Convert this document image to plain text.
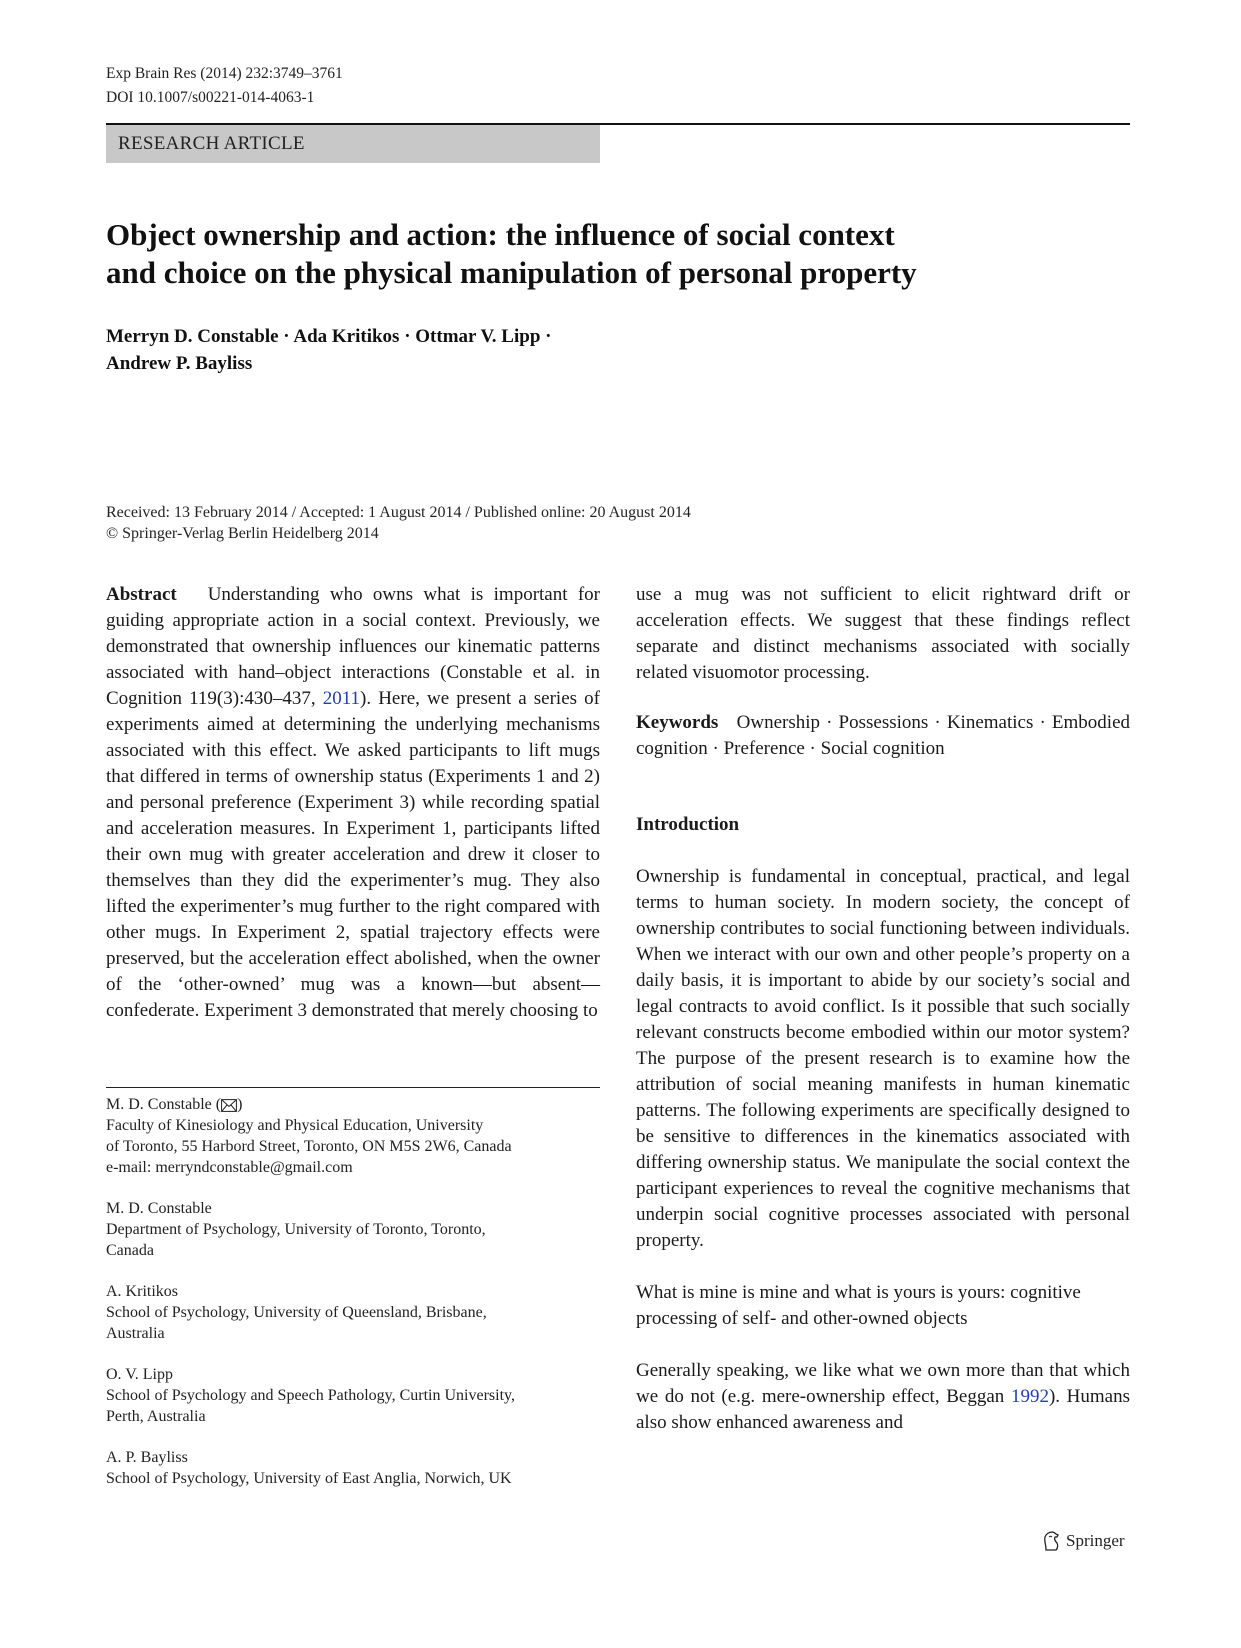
Exp Brain Res (2014) 232:3749–3761
DOI 10.1007/s00221-014-4063-1
RESEARCH ARTICLE
Object ownership and action: the influence of social context
and choice on the physical manipulation of personal property
Merryn D. Constable · Ada Kritikos · Ottmar V. Lipp ·
Andrew P. Bayliss
Received: 13 February 2014 / Accepted: 1 August 2014 / Published online: 20 August 2014
© Springer-Verlag Berlin Heidelberg 2014

Abstract Understanding who owns what is important for guiding appropriate action in a social context. Previously, we demonstrated that ownership influences our kinematic patterns associated with hand–object interactions (Constable et al. in Cognition 119(3):430–437, 2011). Here, we present a series of experiments aimed at determining the underlying mechanisms associated with this effect. We asked participants to lift mugs that differed in terms of ownership status (Experiments 1 and 2) and personal preference (Experiment 3) while recording spatial and acceleration measures. In Experiment 1, participants lifted their own mug with greater acceleration and drew it closer to themselves than they did the experimenter’s mug. They also lifted the experimenter’s mug further to the right compared with other mugs. In Experiment 2, spatial trajectory effects were preserved, but the acceleration effect abolished, when the owner of the ‘other-owned’ mug was a known—but absent—confederate. Experiment 3 demonstrated that merely choosing to

use a mug was not sufficient to elicit rightward drift or acceleration effects. We suggest that these findings reflect separate and distinct mechanisms associated with socially related visuomotor processing.

Keywords Ownership · Possessions · Kinematics · Embodied cognition · Preference · Social cognition

Introduction

Ownership is fundamental in conceptual, practical, and legal terms to human society. In modern society, the concept of ownership contributes to social functioning between individuals. When we interact with our own and other people’s property on a daily basis, it is important to abide by our society’s social and legal contracts to avoid conflict. Is it possible that such socially relevant constructs become embodied within our motor system? The purpose of the present research is to examine how the attribution of social meaning manifests in human kinematic patterns. The following experiments are specifically designed to be sensitive to differences in the kinematics associated with differing ownership status. We manipulate the social context the participant experiences to reveal the cognitive mechanisms that underpin social cognitive processes associated with personal property.

What is mine is mine and what is yours is yours: cognitive processing of self- and other-owned objects

Generally speaking, we like what we own more than that which we do not (e.g. mere-ownership effect, Beggan 1992). Humans also show enhanced awareness and

M. D. Constable ( )
Faculty of Kinesiology and Physical Education, University
of Toronto, 55 Harbord Street, Toronto, ON M5S 2W6, Canada
e-mail: merryndconstable@gmail.com
M. D. Constable
Department of Psychology, University of Toronto, Toronto,
Canada
A. Kritikos
School of Psychology, University of Queensland, Brisbane,
Australia
O. V. Lipp
School of Psychology and Speech Pathology, Curtin University,
Perth, Australia
A. P. Bayliss
School of Psychology, University of East Anglia, Norwich, UK
Springer
